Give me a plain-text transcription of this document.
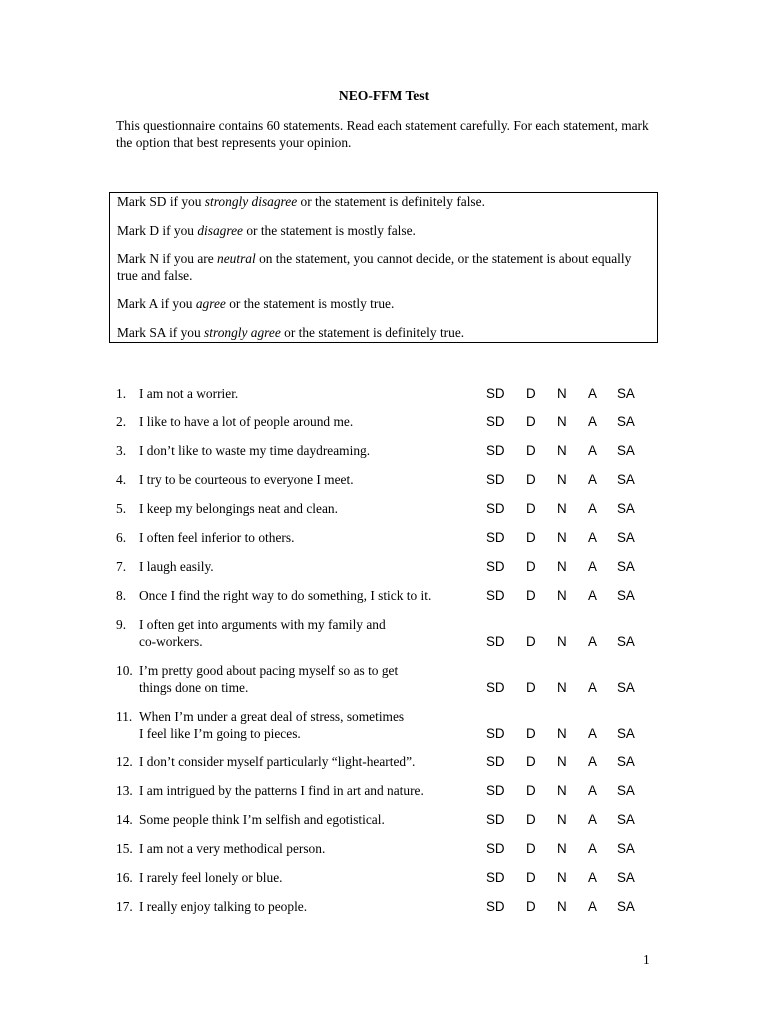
NEO-FFM Test
This questionnaire contains 60 statements. Read each statement carefully. For each statement, mark the option that best represents your opinion.

Mark SD if you strongly disagree or the statement is definitely false.

Mark D if you disagree or the statement is mostly false.

Mark N if you are neutral on the statement, you cannot decide, or the statement is about equally true and false.

Mark A if you agree or the statement is mostly true.

Mark SA if you strongly agree or the statement is definitely true.

1. I am not a worrier.	SD D N A SA
2. I like to have a lot of people around me.	SD D N A SA
3. I don’t like to waste my time daydreaming.	SD D N A SA
4. I try to be courteous to everyone I meet.	SD D N A SA
5. I keep my belongings neat and clean.	SD D N A SA
6. I often feel inferior to others.	SD D N A SA
7. I laugh easily.	SD D N A SA
8. Once I find the right way to do something, I stick to it.	SD D N A SA
9. I often get into arguments with my family and
co-workers.	SD D N A SA
10. I’m pretty good about pacing myself so as to get
things done on time.	SD D N A SA
11. When I’m under a great deal of stress, sometimes
I feel like I’m going to pieces.	SD D N A SA
12. I don’t consider myself particularly “light-hearted”.	SD D N A SA
13. I am intrigued by the patterns I find in art and nature.	SD D N A SA
14. Some people think I’m selfish and egotistical.	SD D N A SA
15. I am not a very methodical person.	SD D N A SA
16. I rarely feel lonely or blue.	SD D N A SA
17. I really enjoy talking to people.	SD D N A SA
1
